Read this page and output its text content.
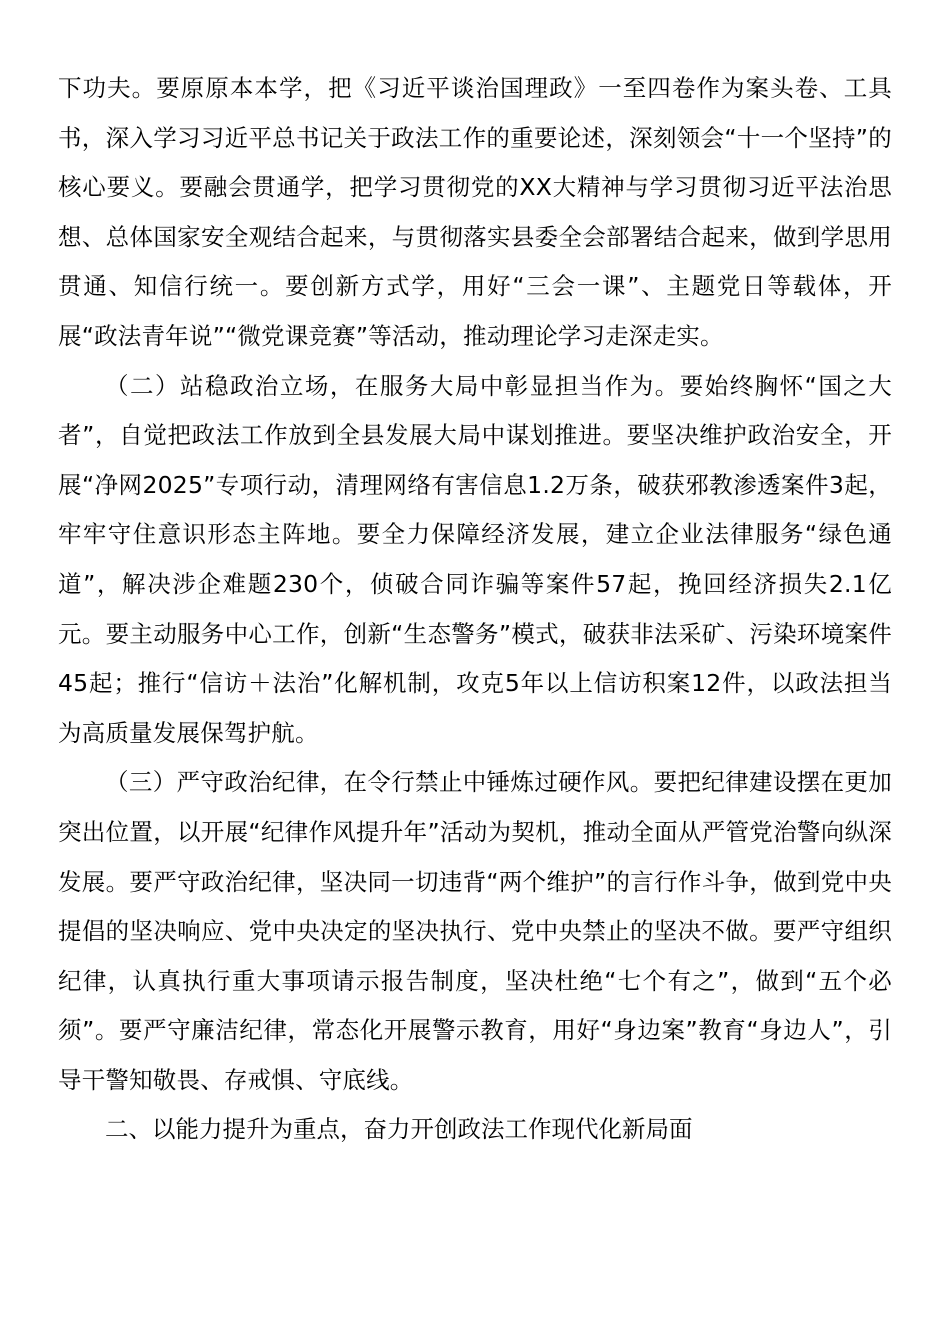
下功夫。要原原本本学，把《习近平谈治国理政》一至四卷作为案头卷、工具书，深入学习习近平总书记关于政法工作的重要论述，深刻领会“十一个坚持”的核心要义。要融会贯通学，把学习贯彻党的XX大精神与学习贯彻习近平法治思想、总体国家安全观结合起来，与贯彻落实县委全会部署结合起来，做到学思用贯通、知信行统一。要创新方式学，用好“三会一课”、主题党日等载体，开展“政法青年说”“微党课竞赛”等活动，推动理论学习走深走实。

（二）站稳政治立场，在服务大局中彰显担当作为。要始终胸怀“国之大者”，自觉把政法工作放到全县发展大局中谋划推进。要坚决维护政治安全，开展“净网2025”专项行动，清理网络有害信息1.2万条，破获邪教渗透案件3起，牢牢守住意识形态主阵地。要全力保障经济发展，建立企业法律服务“绿色通道”，解决涉企难题230个，侦破合同诈骗等案件57起，挽回经济损失2.1亿元。要主动服务中心工作，创新“生态警务”模式，破获非法采矿、污染环境案件45起；推行“信访＋法治”化解机制，攻克5年以上信访积案12件，以政法担当为高质量发展保驾护航。

（三）严守政治纪律，在令行禁止中锤炼过硬作风。要把纪律建设摆在更加突出位置，以开展“纪律作风提升年”活动为契机，推动全面从严管党治警向纵深发展。要严守政治纪律，坚决同一切违背“两个维护”的言行作斗争，做到党中央提倡的坚决响应、党中央决定的坚决执行、党中央禁止的坚决不做。要严守组织纪律，认真执行重大事项请示报告制度，坚决杜绝“七个有之”，做到“五个必须”。要严守廉洁纪律，常态化开展警示教育，用好“身边案”教育“身边人”，引导干警知敬畏、存戒惧、守底线。

二、以能力提升为重点，奋力开创政法工作现代化新局面
